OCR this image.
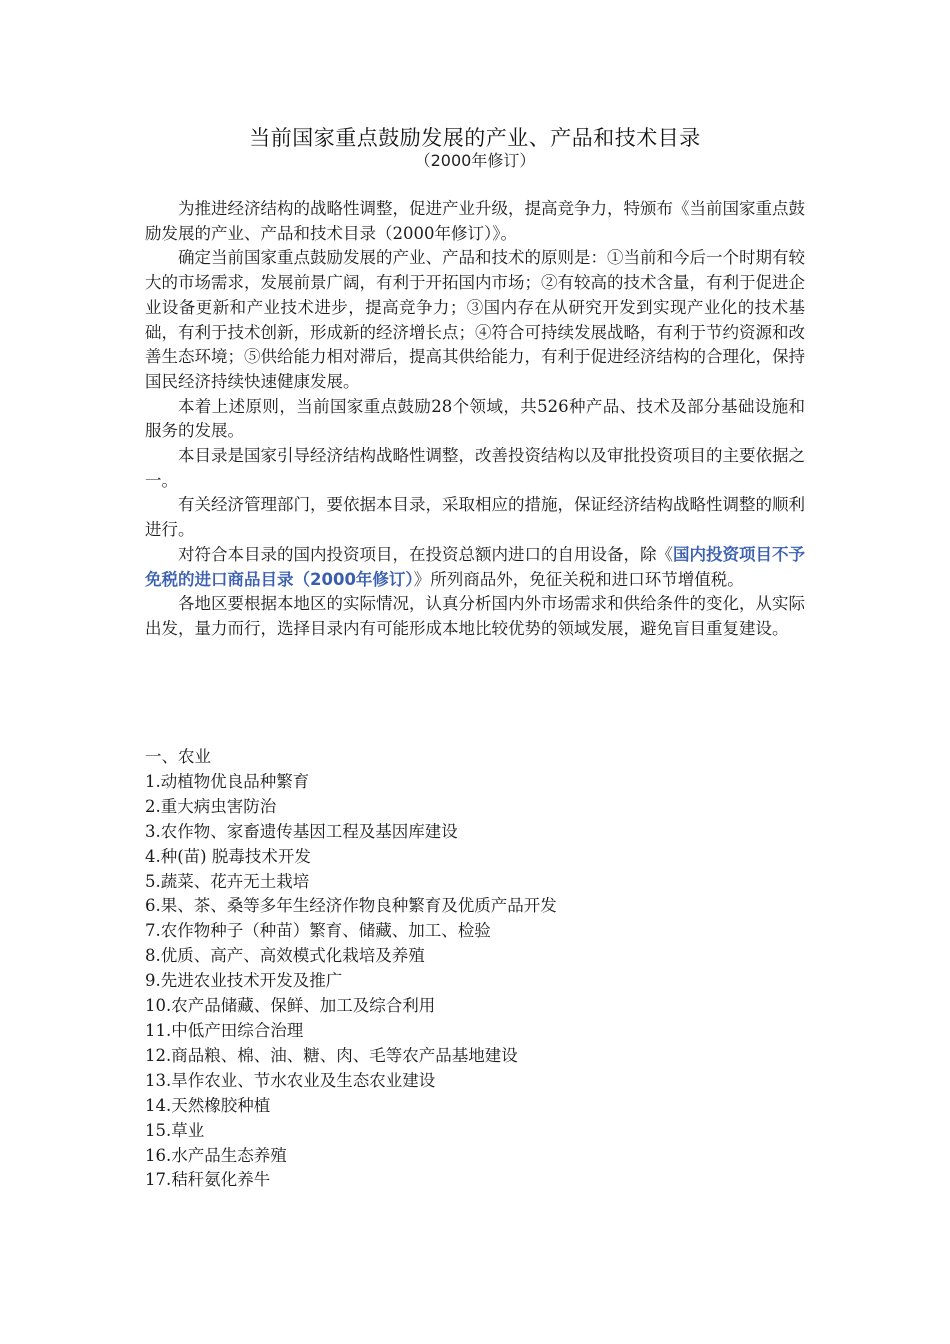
当前国家重点鼓励发展的产业、产品和技术目录
（2000年修订）

为推进经济结构的战略性调整，促进产业升级，提高竞争力，特颁布《当前国家重点鼓励发展的产业、产品和技术目录（2000年修订）》。

确定当前国家重点鼓励发展的产业、产品和技术的原则是：①当前和今后一个时期有较大的市场需求，发展前景广阔，有利于开拓国内市场；②有较高的技术含量，有利于促进企业设备更新和产业技术进步，提高竞争力；③国内存在从研究开发到实现产业化的技术基础，有利于技术创新，形成新的经济增长点；④符合可持续发展战略，有利于节约资源和改善生态环境；⑤供给能力相对滞后，提高其供给能力，有利于促进经济结构的合理化，保持国民经济持续快速健康发展。

本着上述原则，当前国家重点鼓励28个领域，共526种产品、技术及部分基础设施和服务的发展。

本目录是国家引导经济结构战略性调整，改善投资结构以及审批投资项目的主要依据之一。

有关经济管理部门，要依据本目录，采取相应的措施，保证经济结构战略性调整的顺利进行。

对符合本目录的国内投资项目，在投资总额内进口的自用设备，除《国内投资项目不予免税的进口商品目录（2000年修订）》所列商品外，免征关税和进口环节增值税。

各地区要根据本地区的实际情况，认真分析国内外市场需求和供给条件的变化，从实际出发，量力而行，选择目录内有可能形成本地比较优势的领域发展，避免盲目重复建设。

一、农业
1.动植物优良品种繁育
2.重大病虫害防治
3.农作物、家畜遗传基因工程及基因库建设
4.种(苗) 脱毒技术开发
5.蔬菜、花卉无土栽培
6.果、茶、桑等多年生经济作物良种繁育及优质产品开发
7.农作物种子（种苗）繁育、储藏、加工、检验
8.优质、高产、高效模式化栽培及养殖
9.先进农业技术开发及推广
10.农产品储藏、保鲜、加工及综合利用
11.中低产田综合治理
12.商品粮、棉、油、糖、肉、毛等农产品基地建设
13.旱作农业、节水农业及生态农业建设
14.天然橡胶种植
15.草业
16.水产品生态养殖
17.秸秆氨化养牛
